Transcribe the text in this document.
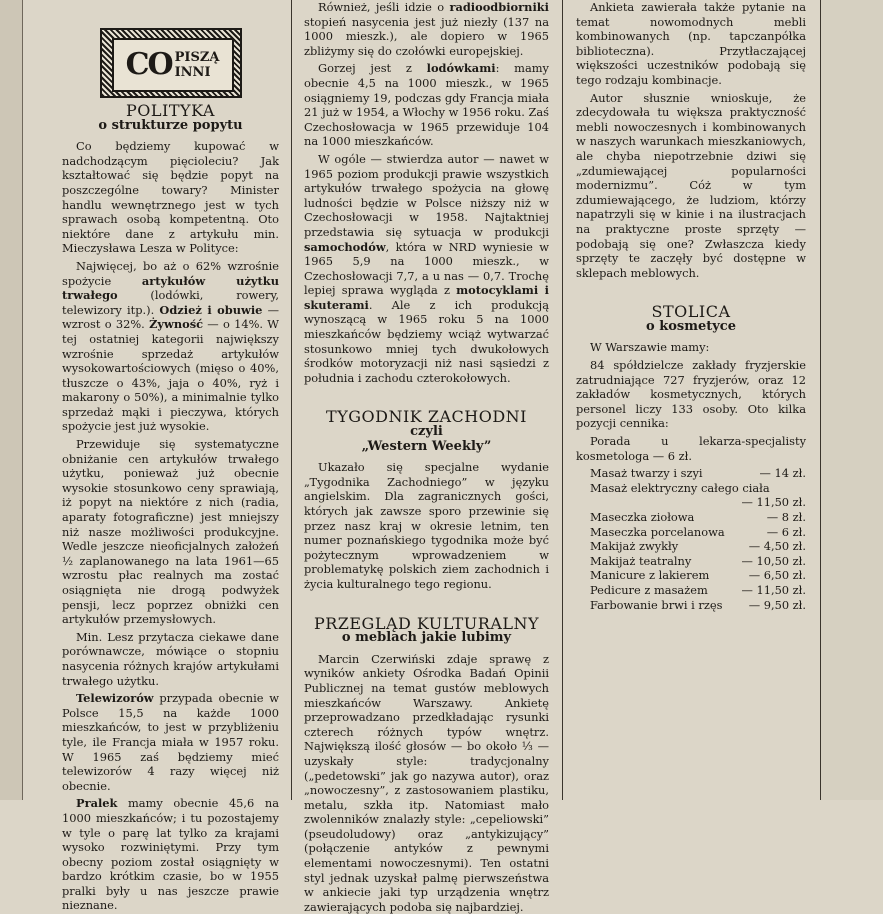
CO PISZĄ
INNI
POLITYKA
o strukturze popytu

Co będziemy kupować w nadchodzącym pięcioleciu? Jak kształtować się będzie popyt na poszczególne towary? Minister handlu wewnętrznego jest w tych sprawach osobą kompetentną. Oto niektóre dane z artykułu min. Mieczysława Lesza w Polityce:

Najwięcej, bo aż o 62% wzrośnie spożycie artykułów użytku trwałego (lodówki, rowery, telewizory itp.). Odzież i obuwie — wzrost o 32%. Żywność — o 14%. W tej ostatniej kategorii największy wzrośnie sprzedaż artykułów wysokowartościowych (mięso o 40%, tłuszcze o 43%, jaja o 40%, ryż i makarony o 50%), a minimalnie tylko sprzedaż mąki i pieczywa, których spożycie jest już wysokie.

Przewiduje się systematyczne obniżanie cen artykułów trwałego użytku, ponieważ już obecnie wysokie stosunkowo ceny sprawiają, iż popyt na niektóre z nich (radia, aparaty fotograficzne) jest mniejszy niż nasze możliwości produkcyjne. Wedle jeszcze nieoficjalnych założeń ½ zaplanowanego na lata 1961—65 wzrostu płac realnych ma zostać osiągnięta nie drogą podwyżek pensji, lecz poprzez obniżki cen artykułów przemysłowych.

Min. Lesz przytacza ciekawe dane porównawcze, mówiące o stopniu nasycenia różnych krajów artykułami trwałego użytku.

Telewizorów przypada obecnie w Polsce 15,5 na każde 1000 mieszkańców, to jest w przybliżeniu tyle, ile Francja miała w 1957 roku. W 1965 zaś będziemy mieć telewizorów 4 razy więcej niż obecnie.

Pralek mamy obecnie 45,6 na 1000 mieszkańców; i tu pozostajemy w tyle o parę lat tylko za krajami wysoko rozwiniętymi. Przy tym obecny poziom został osiągnięty w bardzo krótkim czasie, bo w 1955 pralki były u nas jeszcze prawie nieznane.

Również, jeśli idzie o radioodbiorniki stopień nasycenia jest już niezły (137 na 1000 mieszk.), ale dopiero w 1965 zbliżymy się do czołówki europejskiej.

Gorzej jest z lodówkami: mamy obecnie 4,5 na 1000 mieszk., w 1965 osiągniemy 19, podczas gdy Francja miała 21 już w 1954, a Włochy w 1956 roku. Zaś Czechosłowacja w 1965 przewiduje 104 na 1000 mieszkańców.

W ogóle — stwierdza autor — nawet w 1965 poziom produkcji prawie wszystkich artykułów trwałego spożycia na głowę ludności będzie w Polsce niższy niż w Czechosłowacji w 1958. Najtaktniej przedstawia się sytuacja w produkcji samochodów, która w NRD wyniesie w 1965 5,9 na 1000 mieszk., w Czechosłowacji 7,7, a u nas — 0,7. Trochę lepiej sprawa wygląda z motocyklami i skuterami. Ale z ich produkcją wynoszącą w 1965 roku 5 na 1000 mieszkańców będziemy wciąż wytwarzać stosunkowo mniej tych dwukołowych środków motoryzacji niż nasi sąsiedzi z południa i zachodu czterokołowych.

TYGODNIK ZACHODNI
czyli
„Western Weekly”

Ukazało się specjalne wydanie „Tygodnika Zachodniego” w języku angielskim. Dla zagranicznych gości, których jak zawsze sporo przewinie się przez nasz kraj w okresie letnim, ten numer poznańskiego tygodnika może być pożytecznym wprowadzeniem w problematykę polskich ziem zachodnich i życia kulturalnego tego regionu.

PRZEGLĄD KULTURALNY
o meblach jakie lubimy

Marcin Czerwiński zdaje sprawę z wyników ankiety Ośrodka Badań Opinii Publicznej na temat gustów meblowych mieszkańców Warszawy. Ankietę przeprowadzano przedkładając rysunki czterech różnych typów wnętrz. Największą ilość głosów — bo około ⅓ — uzyskały style: tradycjonalny („pedetowski” jak go nazywa autor), oraz „nowoczesny”, z zastosowaniem plastiku, metalu, szkła itp. Natomiast mało zwolenników znalazły style: „cepeliowski” (pseudoludowy) oraz „antykizujący” (połączenie antyków z pewnymi elementami nowoczesnymi). Ten ostatni styl jednak uzyskał palmę pierwszeństwa w ankiecie jaki typ urządzenia wnętrz zawierających podoba się najbardziej.

Ankieta zawierała także pytanie na temat nowomodnych mebli kombinowanych (np. tapczanpółka biblioteczna). Przytłaczającej większości uczestników podobają się tego rodzaju kombinacje.

Autor słusznie wnioskuje, że zdecydowała tu większa praktyczność mebli nowoczesnych i kombinowanych w naszych warunkach mieszkaniowych, ale chyba niepotrzebnie dziwi się „zdumiewającej popularności modernizmu”. Cóż w tym zdumiewającego, że ludziom, którzy napatrzyli się w kinie i na ilustracjach na praktyczne proste sprzęty — podobają się one? Zwłaszcza kiedy sprzęty te zaczęły być dostępne w sklepach meblowych.

STOLICA
o kosmetyce

W Warszawie mamy:

84 spółdzielcze zakłady fryzjerskie zatrudniające 727 fryzjerów, oraz 12 zakładów kosmetycznych, których personel liczy 133 osoby. Oto kilka pozycji cennika:

Porada u lekarza-specjalisty kosmetologa — 6 zł.

Masaż twarzy i szyi	— 14 zł.
Masaż elektryczny całego ciała
— 11,50 zł.
Maseczka ziołowa	— 8 zł.
Maseczka porcelanowa	— 6 zł.
Makijaż zwykły	— 4,50 zł.
Makijaż teatralny	— 10,50 zł.
Manicure z lakierem	— 6,50 zł.
Pedicure z masażem	— 11,50 zł.
Farbowanie brwi i rzęs — 9,50 zł.
